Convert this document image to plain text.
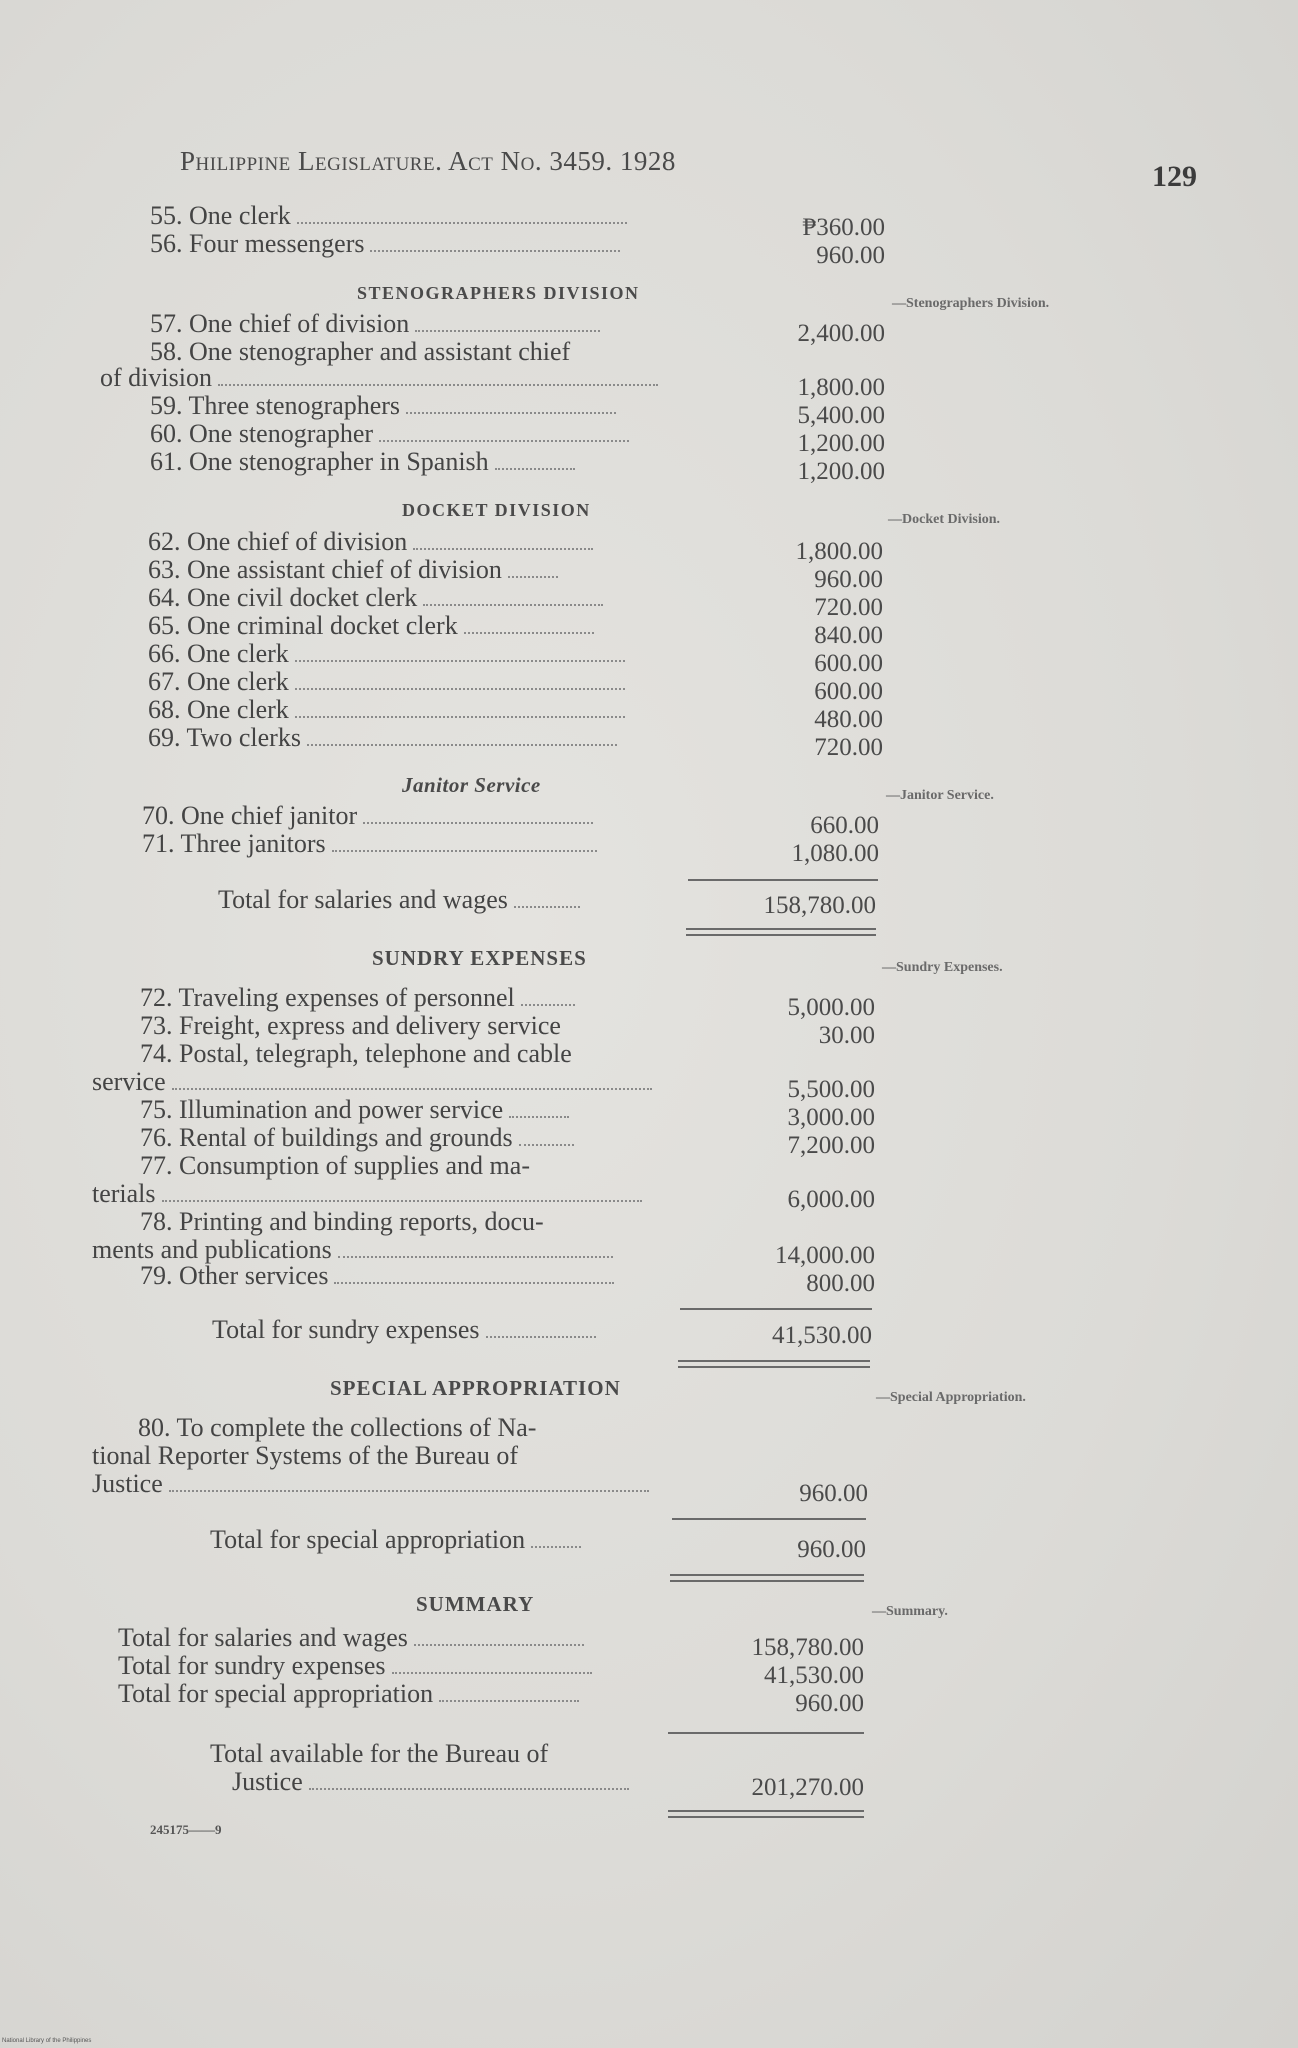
Philippine Legislature. Act No. 3459. 1928	129
55. One clerk	₱360.00
56. Four messengers	960.00
STENOGRAPHERS DIVISION
—Stenographers Division.
57. One chief of division	2,400.00
58. One stenographer and assistant chief
of division	1,800.00
59. Three stenographers	5,400.00
60. One stenographer	1,200.00
61. One stenographer in Spanish	1,200.00
DOCKET DIVISION	—Docket Division.
62. One chief of division	1,800.00
63. One assistant chief of division	960.00
64. One civil docket clerk	720.00
65. One criminal docket clerk	840.00
66. One clerk	600.00
67. One clerk	600.00
68. One clerk	480.00
69. Two clerks	720.00
Janitor Service	—Janitor Service.
70. One chief janitor	660.00
71. Three janitors	1,080.00
Total for salaries and wages	158,780.00
SUNDRY EXPENSES	—Sundry Expenses.
72. Traveling expenses of personnel	5,000.00
73. Freight, express and delivery service	30.00
74. Postal, telegraph, telephone and cable
service	5,500.00
75. Illumination and power service	3,000.00
76. Rental of buildings and grounds	7,200.00
77. Consumption of supplies and ma-
terials	6,000.00
78. Printing and binding reports, docu-
ments and publications	14,000.00
79. Other services	800.00
Total for sundry expenses	41,530.00
SPECIAL APPROPRIATION	—Special Appropriation.
80. To complete the collections of Na-
tional Reporter Systems of the Bureau of
Justice	960.00
Total for special appropriation	960.00
SUMMARY	—Summary.
Total for salaries and wages	158,780.00
Total for sundry expenses	41,530.00
Total for special appropriation	960.00
Total available for the Bureau of
Justice	201,270.00
245175——9
National Library of the Philippines
